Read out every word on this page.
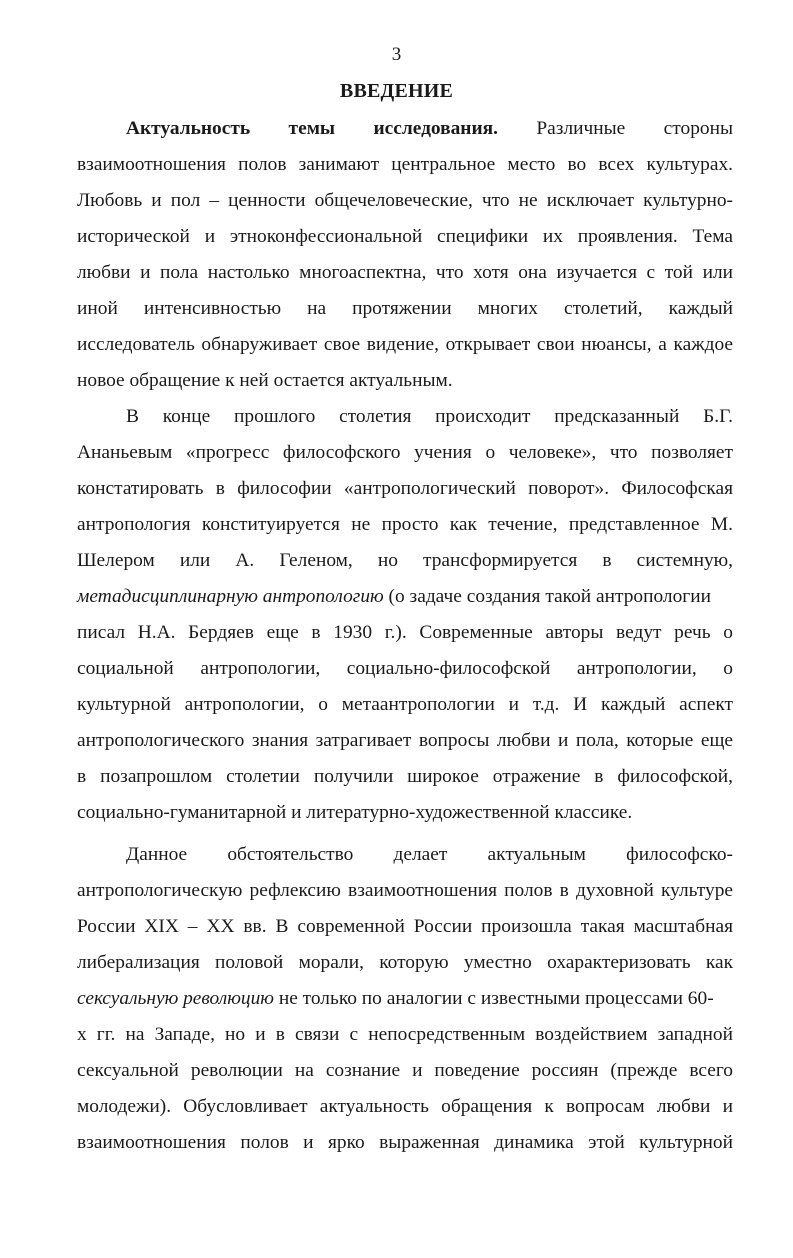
3
ВВЕДЕНИЕ
Актуальность темы исследования. Различные стороны
взаимоотношения полов занимают центральное место во всех культурах.
Любовь и пол – ценности общечеловеческие, что не исключает культурно-
исторической и этноконфессиональной специфики их проявления. Тема
любви и пола настолько многоаспектна, что хотя она изучается с той или
иной интенсивностью на протяжении многих столетий, каждый
исследователь обнаруживает свое видение, открывает свои нюансы, а каждое
новое обращение к ней остается актуальным.
В конце прошлого столетия происходит предсказанный Б.Г.
Ананьевым «прогресс философского учения о человеке», что позволяет
констатировать в философии «антропологический поворот». Философская
антропология конституируется не просто как течение, представленное М.
Шелером или А. Геленом, но трансформируется в системную,
метадисциплинарную антропологию (о задаче создания такой антропологии
писал Н.А. Бердяев еще в 1930 г.). Современные авторы ведут речь о
социальной антропологии, социально-философской антропологии, о
культурной антропологии, о метаантропологии и т.д. И каждый аспект
антропологического знания затрагивает вопросы любви и пола, которые еще
в позапрошлом столетии получили широкое отражение в философской,
социально-гуманитарной и литературно-художественной классике.
Данное обстоятельство делает актуальным философско-
антропологическую рефлексию взаимоотношения полов в духовной культуре
России XIX – XX вв. В современной России произошла такая масштабная
либерализация половой морали, которую уместно охарактеризовать как
сексуальную революцию не только по аналогии с известными процессами 60-
х гг. на Западе, но и в связи с непосредственным воздействием западной
сексуальной революции на сознание и поведение россиян (прежде всего
молодежи). Обусловливает актуальность обращения к вопросам любви и
взаимоотношения полов и ярко выраженная динамика этой культурной
